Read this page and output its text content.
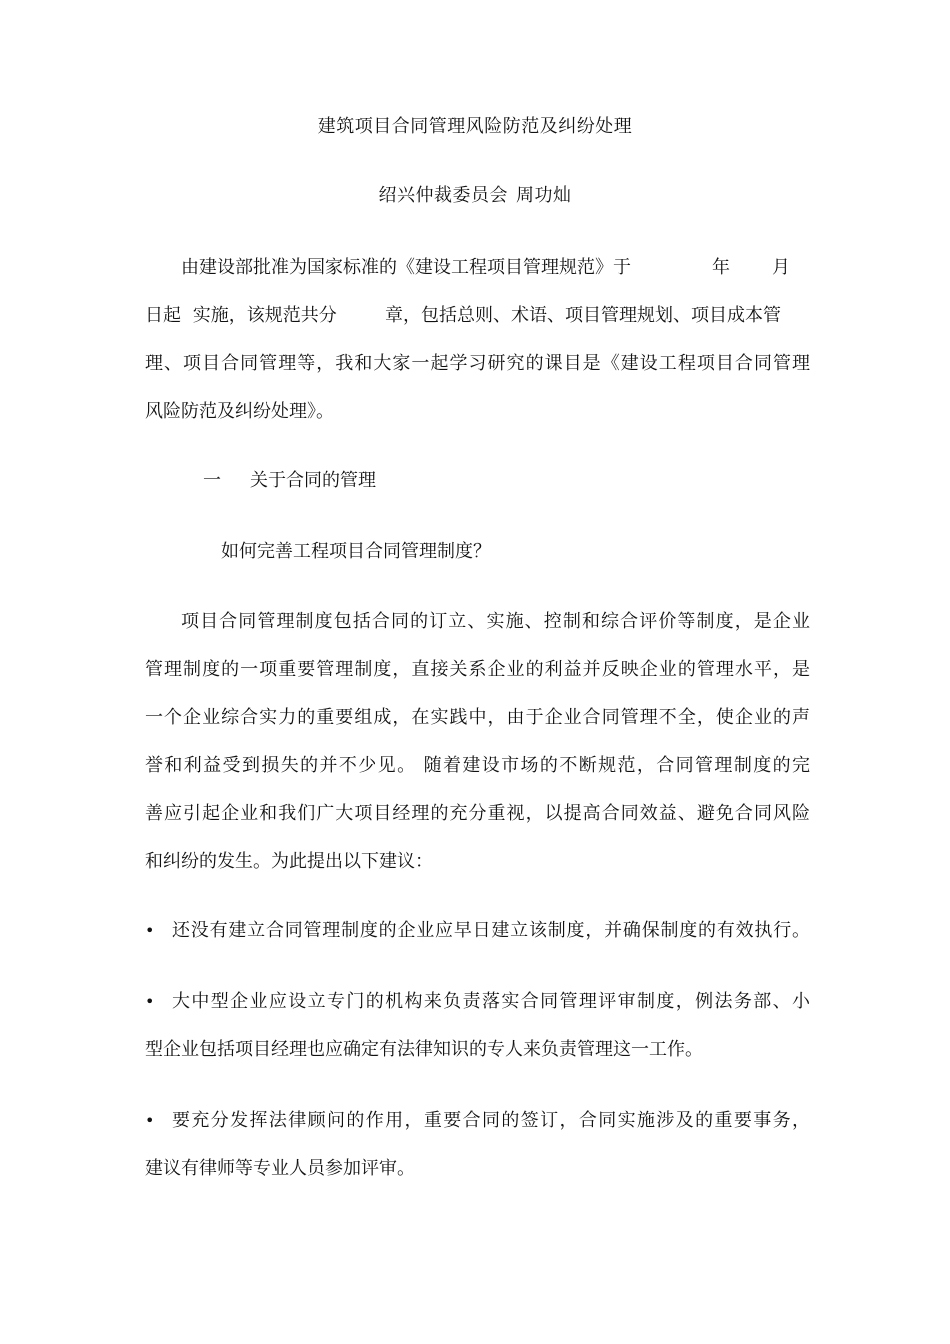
建筑项目合同管理风险防范及纠纷处理
绍兴仲裁委员会 周功灿
由建设部批准为国家标准的《建设工程项目管理规范》于	年 月
日起 实施，该规范共分	章，包括总则、术语、项目管理规划、项目成本管
理、项目合同管理等，我和大家一起学习研究的课目是《建设工程项目合同管理
风险防范及纠纷处理》。
一 关于合同的管理
如何完善工程项目合同管理制度？
项目合同管理制度包括合同的订立、实施、控制和综合评价等制度，是企业
管理制度的一项重要管理制度，直接关系企业的利益并反映企业的管理水平，是
一个企业综合实力的重要组成，在实践中，由于企业合同管理不全，使企业的声
誉和利益受到损失的并不少见。 随着建设市场的不断规范，合同管理制度的完
善应引起企业和我们广大项目经理的充分重视，以提高合同效益、避免合同风险
和纠纷的发生。为此提出以下建议：
• 还没有建立合同管理制度的企业应早日建立该制度，并确保制度的有效执行。
• 大中型企业应设立专门的机构来负责落实合同管理评审制度，例法务部、小
型企业包括项目经理也应确定有法律知识的专人来负责管理这一工作。
• 要充分发挥法律顾问的作用，重要合同的签订，合同实施涉及的重要事务，
建议有律师等专业人员参加评审。
